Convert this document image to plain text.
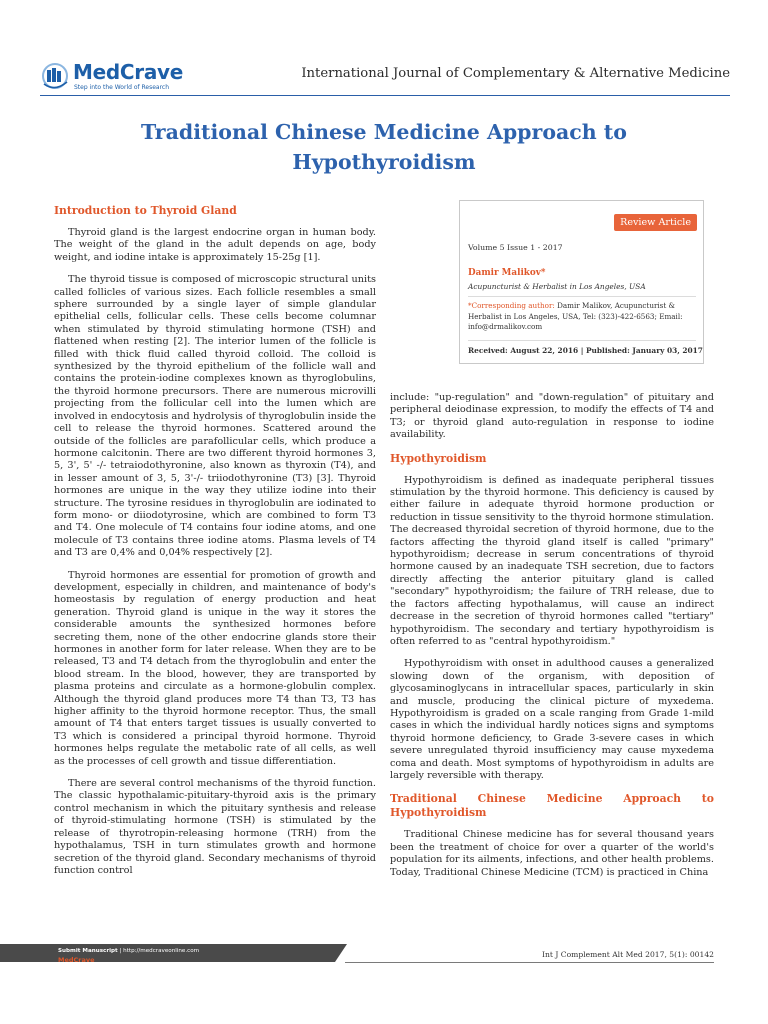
MedCrave
Step into the World of Research
International Journal of Complementary & Alternative Medicine
Traditional Chinese Medicine Approach to Hypothyroidism
Introduction to Thyroid Gland

Thyroid gland is the largest endocrine organ in human body. The weight of the gland in the adult depends on age, body weight, and iodine intake is approximately 15-25g [1].

The thyroid tissue is composed of microscopic structural units called follicles of various sizes. Each follicle resembles a small sphere surrounded by a single layer of simple glandular epithelial cells, follicular cells. These cells become columnar when stimulated by thyroid stimulating hormone (TSH) and flattened when resting [2]. The interior lumen of the follicle is filled with thick fluid called thyroid colloid. The colloid is synthesized by the thyroid epithelium of the follicle wall and contains the protein-iodine complexes known as thyroglobulins, the thyroid hormone precursors. There are numerous microvilli projecting from the follicular cell into the lumen which are involved in endocytosis and hydrolysis of thyroglobulin inside the cell to release the thyroid hormones. Scattered around the outside of the follicles are parafollicular cells, which produce a hormone calcitonin. There are two different thyroid hormones 3, 5, 3', 5' -/- tetraiodothyronine, also known as thyroxin (T4), and in lesser amount of 3, 5, 3'-/- triiodothyronine (T3) [3]. Thyroid hormones are unique in the way they utilize iodine into their structure. The tyrosine residues in thyroglobulin are iodinated to form mono- or diiodotyrosine, which are combined to form T3 and T4. One molecule of T4 contains four iodine atoms, and one molecule of T3 contains three iodine atoms. Plasma levels of T4 and T3 are 0,4% and 0,04% respectively [2].

Thyroid hormones are essential for promotion of growth and development, especially in children, and maintenance of body's homeostasis by regulation of energy production and heat generation. Thyroid gland is unique in the way it stores the considerable amounts the synthesized hormones before secreting them, none of the other endocrine glands store their hormones in another form for later release. When they are to be released, T3 and T4 detach from the thyroglobulin and enter the blood stream. In the blood, however, they are transported by plasma proteins and circulate as a hormone-globulin complex. Although the thyroid gland produces more T4 than T3, T3 has higher affinity to the thyroid hormone receptor. Thus, the small amount of T4 that enters target tissues is usually converted to T3 which is considered a principal thyroid hormone. Thyroid hormones helps regulate the metabolic rate of all cells, as well as the processes of cell growth and tissue differentiation.

There are several control mechanisms of the thyroid function. The classic hypothalamic-pituitary-thyroid axis is the primary control mechanism in which the pituitary synthesis and release of thyroid-stimulating hormone (TSH) is stimulated by the release of thyrotropin-releasing hormone (TRH) from the hypothalamus, TSH in turn stimulates growth and hormone secretion of the thyroid gland. Secondary mechanisms of thyroid function control

Review Article
Volume 5 Issue 1 - 2017
Damir Malikov*
Acupuncturist & Herbalist in Los Angeles, USA
*Corresponding author: Damir Malikov, Acupuncturist & Herbalist in Los Angeles, USA, Tel: (323)-422-6563; Email: info@drmalikov.com
Received: August 22, 2016 | Published: January 03, 2017

include: "up-regulation" and "down-regulation" of pituitary and peripheral deiodinase expression, to modify the effects of T4 and T3; or thyroid gland auto-regulation in response to iodine availability.

Hypothyroidism

Hypothyroidism is defined as inadequate peripheral tissues stimulation by the thyroid hormone. This deficiency is caused by either failure in adequate thyroid hormone production or reduction in tissue sensitivity to the thyroid hormone stimulation. The decreased thyroidal secretion of thyroid hormone, due to the factors affecting the thyroid gland itself is called "primary" hypothyroidism; decrease in serum concentrations of thyroid hormone caused by an inadequate TSH secretion, due to factors directly affecting the anterior pituitary gland is called "secondary" hypothyroidism; the failure of TRH release, due to the factors affecting hypothalamus, will cause an indirect decrease in the secretion of thyroid hormones called "tertiary" hypothyroidism. The secondary and tertiary hypothyroidism is often referred to as "central hypothyroidism."

Hypothyroidism with onset in adulthood causes a generalized slowing down of the organism, with deposition of glycosaminoglycans in intracellular spaces, particularly in skin and muscle, producing the clinical picture of myxedema. Hypothyroidism is graded on a scale ranging from Grade 1-mild cases in which the individual hardly notices signs and symptoms thyroid hormone deficiency, to Grade 3-severe cases in which severe unregulated thyroid insufficiency may cause myxedema coma and death. Most symptoms of hypothyroidism in adults are largely reversible with therapy.

Traditional Chinese Medicine Approach to
Hypothyroidism

Traditional Chinese medicine has for several thousand years been the treatment of choice for over a quarter of the world's population for its ailments, infections, and other health problems. Today, Traditional Chinese Medicine (TCM) is practiced in China

Submit Manuscript | http://medcraveonline.com
MedCrave
Int J Complement Alt Med 2017, 5(1): 00142
